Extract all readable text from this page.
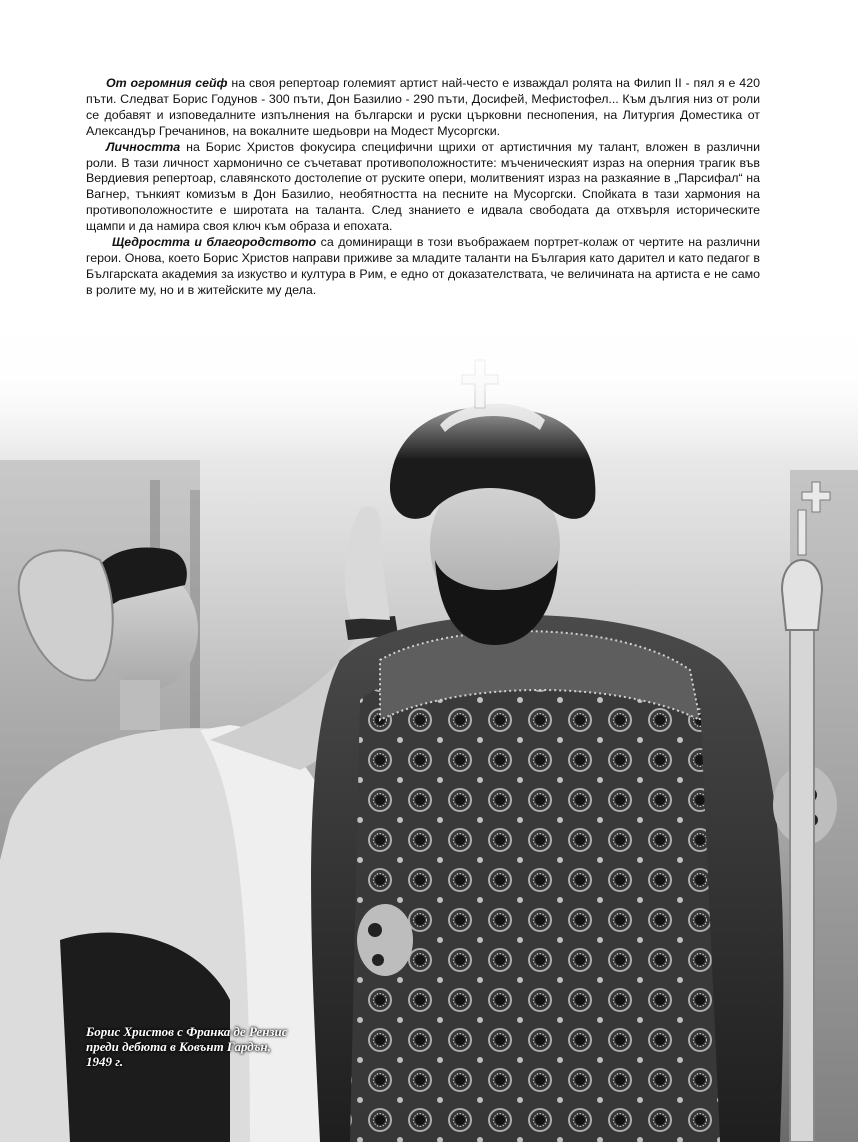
От огромния сейф на своя репертоар големият артист най-често е изваждал ролята на Филип II - пял я е 420 пъти. Следват Борис Годунов - 300 пъти, Дон Базилио - 290 пъти, Досифей, Мефистофел... Към дългия низ от роли се добавят и изповедалните изпълнения на български и руски църковни песнопения, на Литургия Доместика от Александър Гречанинов, на вокалните шедьоври на Модест Мусоргски.

Личността на Борис Христов фокусира специфични щрихи от артистичния му талант, вложен в различни роли. В тази личност хармонично се съчетават противоположностите: мъченическият израз на оперния трагик във Вердиевия репертоар, славянското достолепие от руските опери, молитвеният израз на разкаяние в „Парсифал“ на Вагнер, тънкият комизъм в Дон Базилио, необятността на песните на Мусоргски. Спойката в тази хармония на противоположностите е широтата на таланта. След знанието е идвала свободата да отхвърля историческите щампи и да намира своя ключ към образа и епохата.

Щедростта и благородството са доминиращи в този въображаем портрет-колаж от чертите на различни герои. Онова, което Борис Христов направи приживе за младите таланти на България като дарител и като педагог в Българската академия за изкуство и култура в Рим, е едно от доказателствата, че величината на артиста е не само в ролите му, но и в житейските му дела.

Борис Христов с Франка де Рензис
преди дебюта в Ковънт Гардън,
1949 г.
